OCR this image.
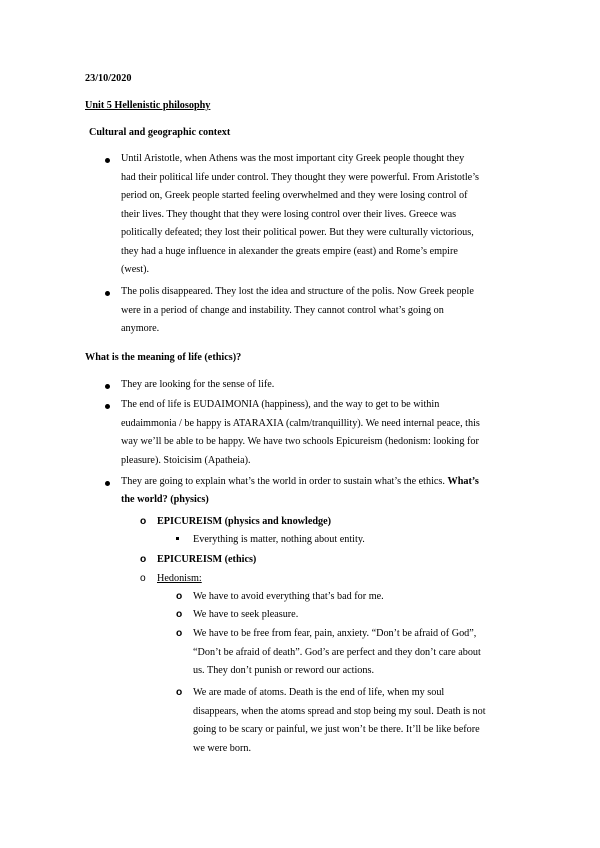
23/10/2020
Unit 5 Hellenistic philosophy
Cultural and geographic context
Until Aristotle, when Athens was the most important city Greek people thought they
had their political life under control. They thought they were powerful. From Aristotle’s
period on, Greek people started feeling overwhelmed and they were losing control of
their lives. They thought that they were losing control over their lives. Greece was
politically defeated; they lost their political power. But they were culturally victorious,
they had a huge influence in alexander the greats empire (east) and Rome’s empire
(west).
The polis disappeared. They lost the idea and structure of the polis. Now Greek people
were in a period of change and instability. They cannot control what’s going on
anymore.
What is the meaning of life (ethics)?
They are looking for the sense of life.
The end of life is EUDAIMONIA (happiness), and the way to get to be within
eudaimmonia / be happy is ATARAXIA (calm/tranquillity). We need internal peace, this
way we’ll be able to be happy. We have two schools Epicureism (hedonism: looking for
pleasure). Stoicisim (Apatheia).
They are going to explain what’s the world in order to sustain what’s the ethics. What’s
the world? (physics)
o EPICUREISM (physics and knowledge)
Everything is matter, nothing about entity.
o EPICUREISM (ethics)
o	Hedonism:
o We have to avoid everything that’s bad for me.
o We have to seek pleasure.
o We have to be free from fear, pain, anxiety. “Don’t be afraid of God”,
“Don’t be afraid of death”. God’s are perfect and they don’t care about
us. They don’t punish or reword our actions.
o We are made of atoms. Death is the end of life, when my soul
disappears, when the atoms spread and stop being my soul. Death is not
going to be scary or painful, we just won’t be there. It’ll be like before
we were born.
